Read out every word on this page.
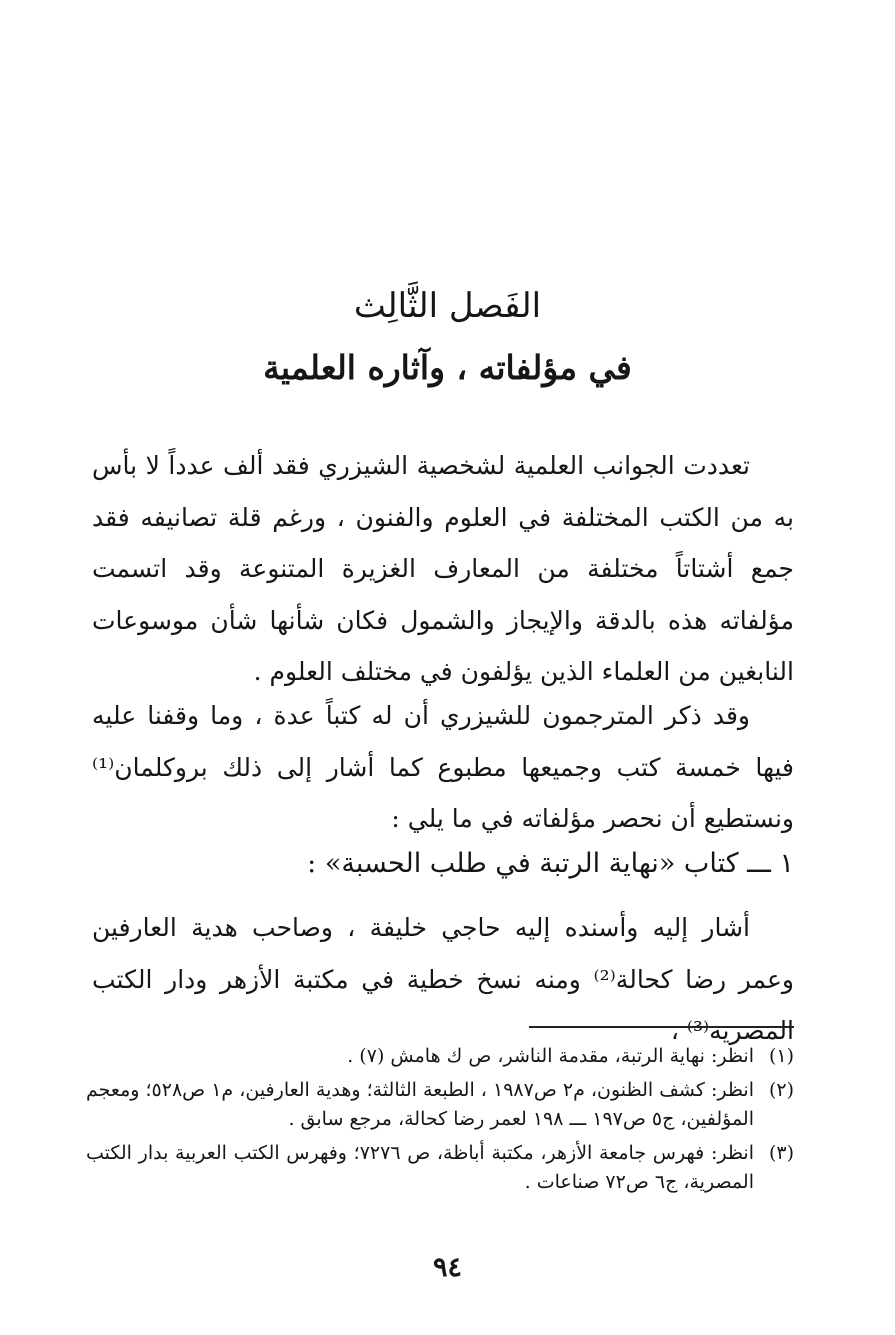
الفَصل الثَّالِث
في مؤلفاته ، وآثاره العلمية
تعددت الجوانب العلمية لشخصية الشيزري فقد ألف عدداً لا بأس به من الكتب المختلفة في العلوم والفنون ، ورغم قلة تصانيفه فقد جمع أشتاتاً مختلفة من المعارف الغزيرة المتنوعة وقد اتسمت مؤلفاته هذه بالدقة والإيجاز والشمول فكان شأنها شأن موسوعات النابغين من العلماء الذين يؤلفون في مختلف العلوم .
وقد ذكر المترجمون للشيزري أن له كتباً عدة ، وما وقفنا عليه فيها خمسة كتب وجميعها مطبوع كما أشار إلى ذلك بروكلمان⁽¹⁾ ونستطيع أن نحصر مؤلفاته في ما يلي :
١ ـــ كتاب «نهاية الرتبة في طلب الحسبة» :
أشار إليه وأسنده إليه حاجي خليفة ، وصاحب هدية العارفين وعمر رضا كحالة⁽²⁾ ومنه نسخ خطية في مكتبة الأزهر ودار الكتب المصرية⁽³⁾ ،
(١)
انظر: نهاية الرتبة، مقدمة الناشر، ص ك هامش (٧) .
(٢)
انظر: كشف الظنون، م٢ ص١٩٨٧ ، الطبعة الثالثة؛ وهدية العارفين، م١ ص٥٢٨؛ ومعجم المؤلفين، ج٥ ص١٩٧ ـــ ١٩٨ لعمر رضا كحالة، مرجع سابق .
(٣)
انظر: فهرس جامعة الأزهر، مكتبة أباظة، ص ٧٢٧٦؛ وفهرس الكتب العربية بدار الكتب المصرية، ج٦ ص٧٢ صناعات .
٩٤
